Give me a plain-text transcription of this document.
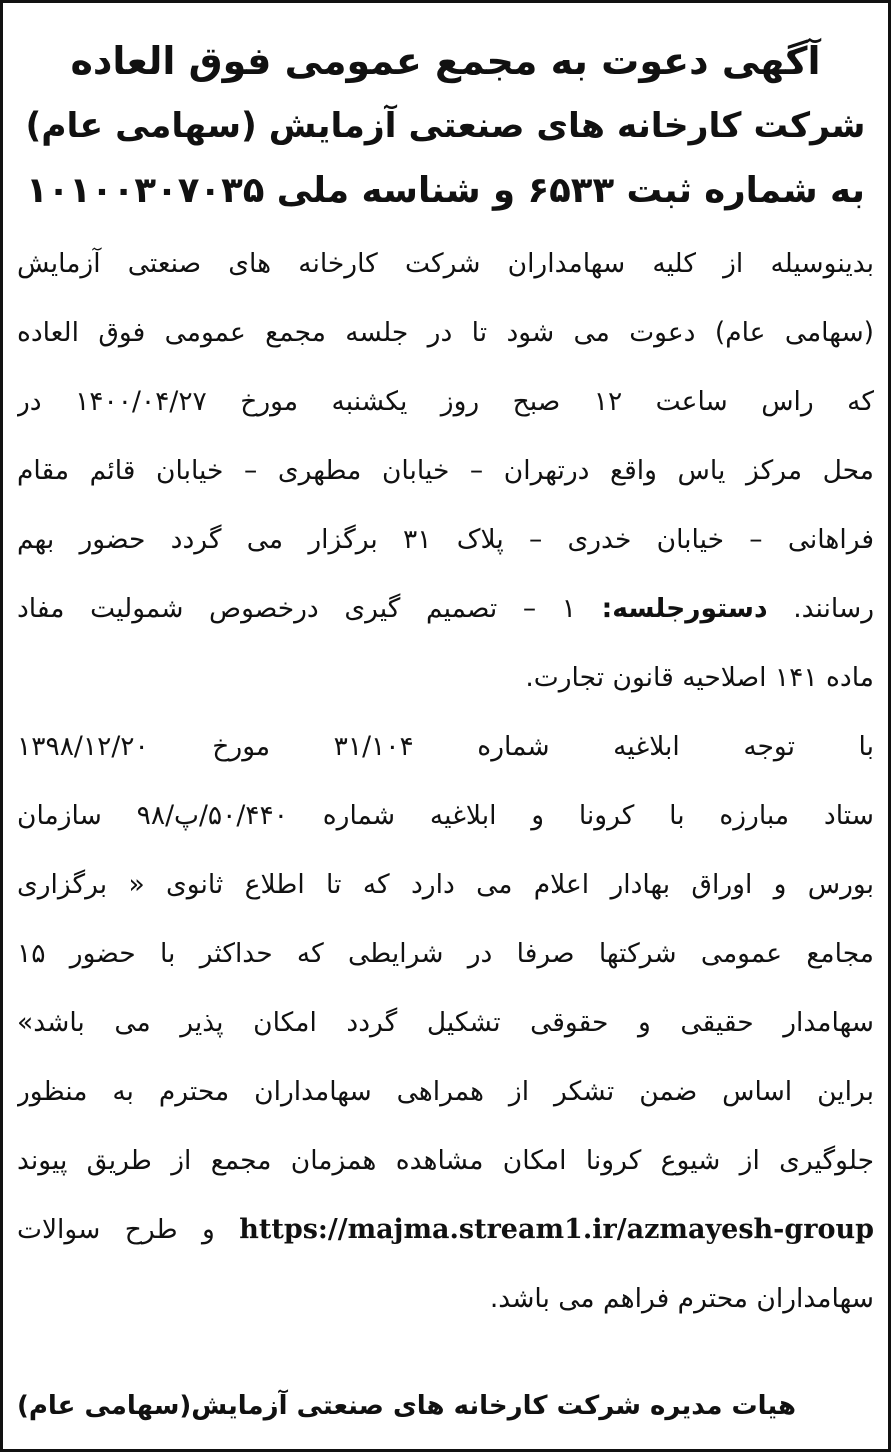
آگهی دعوت به مجمع عمومی فوق العاده
شرکت کارخانه های صنعتی آزمایش (سهامی عام)
به شماره ثبت ۶۵۳۳ و شناسه ملی ۱۰۱۰۰۳۰۷۰۳۵
بدینوسیله از کلیه سهامداران شرکت کارخانه های صنعتی آزمایش
(سهامی عام) دعوت می شود تا در جلسه مجمع عمومی فوق العاده
که راس ساعت ۱۲ صبح روز یکشنبه مورخ ۱۴۰۰/۰۴/۲۷ در
محل مرکز یاس واقع درتهران – خیابان مطهری – خیابان قائم مقام
فراهانی – خیابان خدری – پلاک ۳۱ برگزار می گردد حضور بهم
رسانند. دستورجلسه: ۱ – تصمیم گیری درخصوص شمولیت مفاد
ماده ۱۴۱ اصلاحیه قانون تجارت.
با توجه ابلاغیه شماره ۳۱/۱۰۴ مورخ ۱۳۹۸/۱۲/۲۰
ستاد مبارزه با کرونا و ابلاغیه شماره ۵۰/۴۴۰/پ/۹۸ سازمان
بورس و اوراق بهادار اعلام می دارد که تا اطلاع ثانوی « برگزاری
مجامع عمومی شرکتها صرفا در شرایطی که حداکثر با حضور ۱۵
سهامدار حقیقی و حقوقی تشکیل گردد امکان پذیر می باشد»
براین اساس ضمن تشکر از همراهی سهامداران محترم به منظور
جلوگیری از شیوع کرونا امکان مشاهده همزمان مجمع از طریق پیوند
https://majma.stream1.ir/azmayesh-group و طرح سوالات
سهامداران محترم فراهم می باشد.
هیات مدیره شرکت کارخانه های صنعتی آزمایش(سهامی عام)
